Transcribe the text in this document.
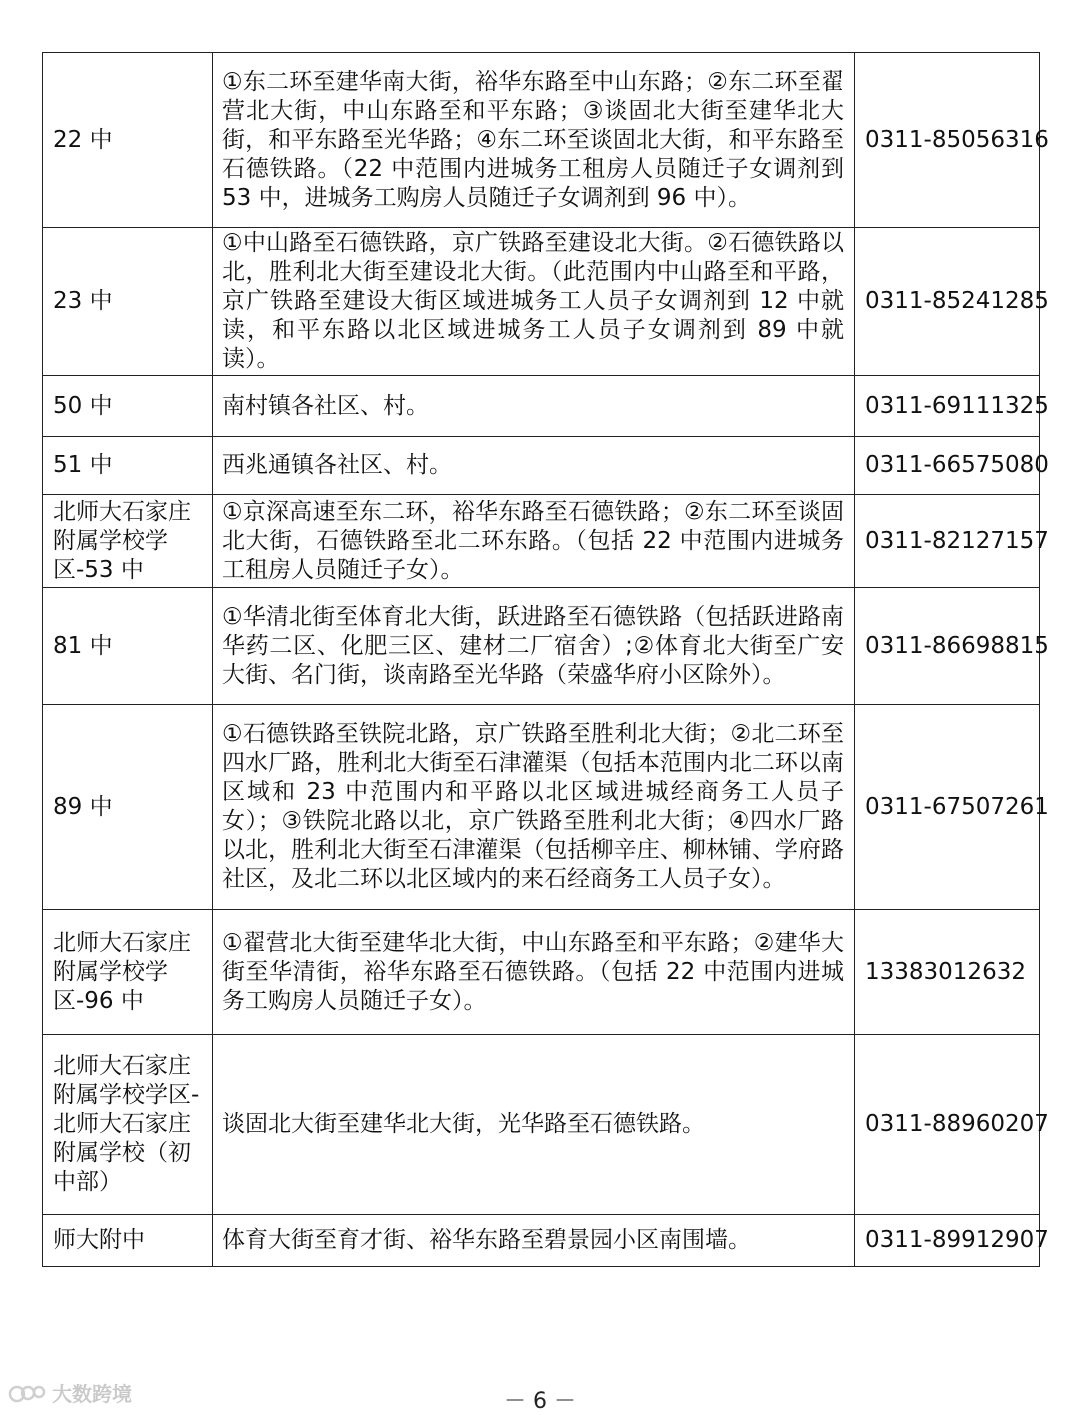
22 中	①东二环至建华南大街，裕华东路至中山东路；②东二环至翟营北大街，中山东路至和平东路；③谈固北大街至建华北大街，和平东路至光华路；④东二环至谈固北大街，和平东路至石德铁路。（22 中范围内进城务工租房人员随迁子女调剂到 53 中，进城务工购房人员随迁子女调剂到 96 中）。	0311-85056316

23 中	①中山路至石德铁路，京广铁路至建设北大街。②石德铁路以北，胜利北大街至建设北大街。（此范围内中山路至和平路，京广铁路至建设大街区域进城务工人员子女调剂到 12 中就读，和平东路以北区域进城务工人员子女调剂到 89 中就读）。	0311-85241285

50 中	南村镇各社区、村。	0311-69111325

51 中	西兆通镇各社区、村。	0311-66575080

北师大石家庄附属学校学区-53 中	①京深高速至东二环，裕华东路至石德铁路；②东二环至谈固北大街，石德铁路至北二环东路。（包括 22 中范围内进城务工租房人员随迁子女）。	0311-82127157

81 中	①华清北街至体育北大街，跃进路至石德铁路（包括跃进路南华药二区、化肥三区、建材二厂宿舍）;②体育北大街至广安大街、名门街，谈南路至光华路（荣盛华府小区除外）。	0311-86698815

89 中	①石德铁路至铁院北路，京广铁路至胜利北大街；②北二环至四水厂路，胜利北大街至石津灌渠（包括本范围内北二环以南区域和 23 中范围内和平路以北区域进城经商务工人员子女）；③铁院北路以北，京广铁路至胜利北大街；④四水厂路以北，胜利北大街至石津灌渠（包括柳辛庄、柳林铺、学府路社区，及北二环以北区域内的来石经商务工人员子女）。	0311-67507261

北师大石家庄附属学校学区-96 中	①翟营北大街至建华北大街，中山东路至和平东路；②建华大街至华清街，裕华东路至石德铁路。（包括 22 中范围内进城务工购房人员随迁子女）。	13383012632

北师大石家庄附属学校学区-北师大石家庄附属学校（初中部）	谈固北大街至建华北大街，光华路至石德铁路。	0311-88960207

师大附中	体育大街至育才街、裕华东路至碧景园小区南围墙。	0311-89912907
大数跨境	－ 6 －
